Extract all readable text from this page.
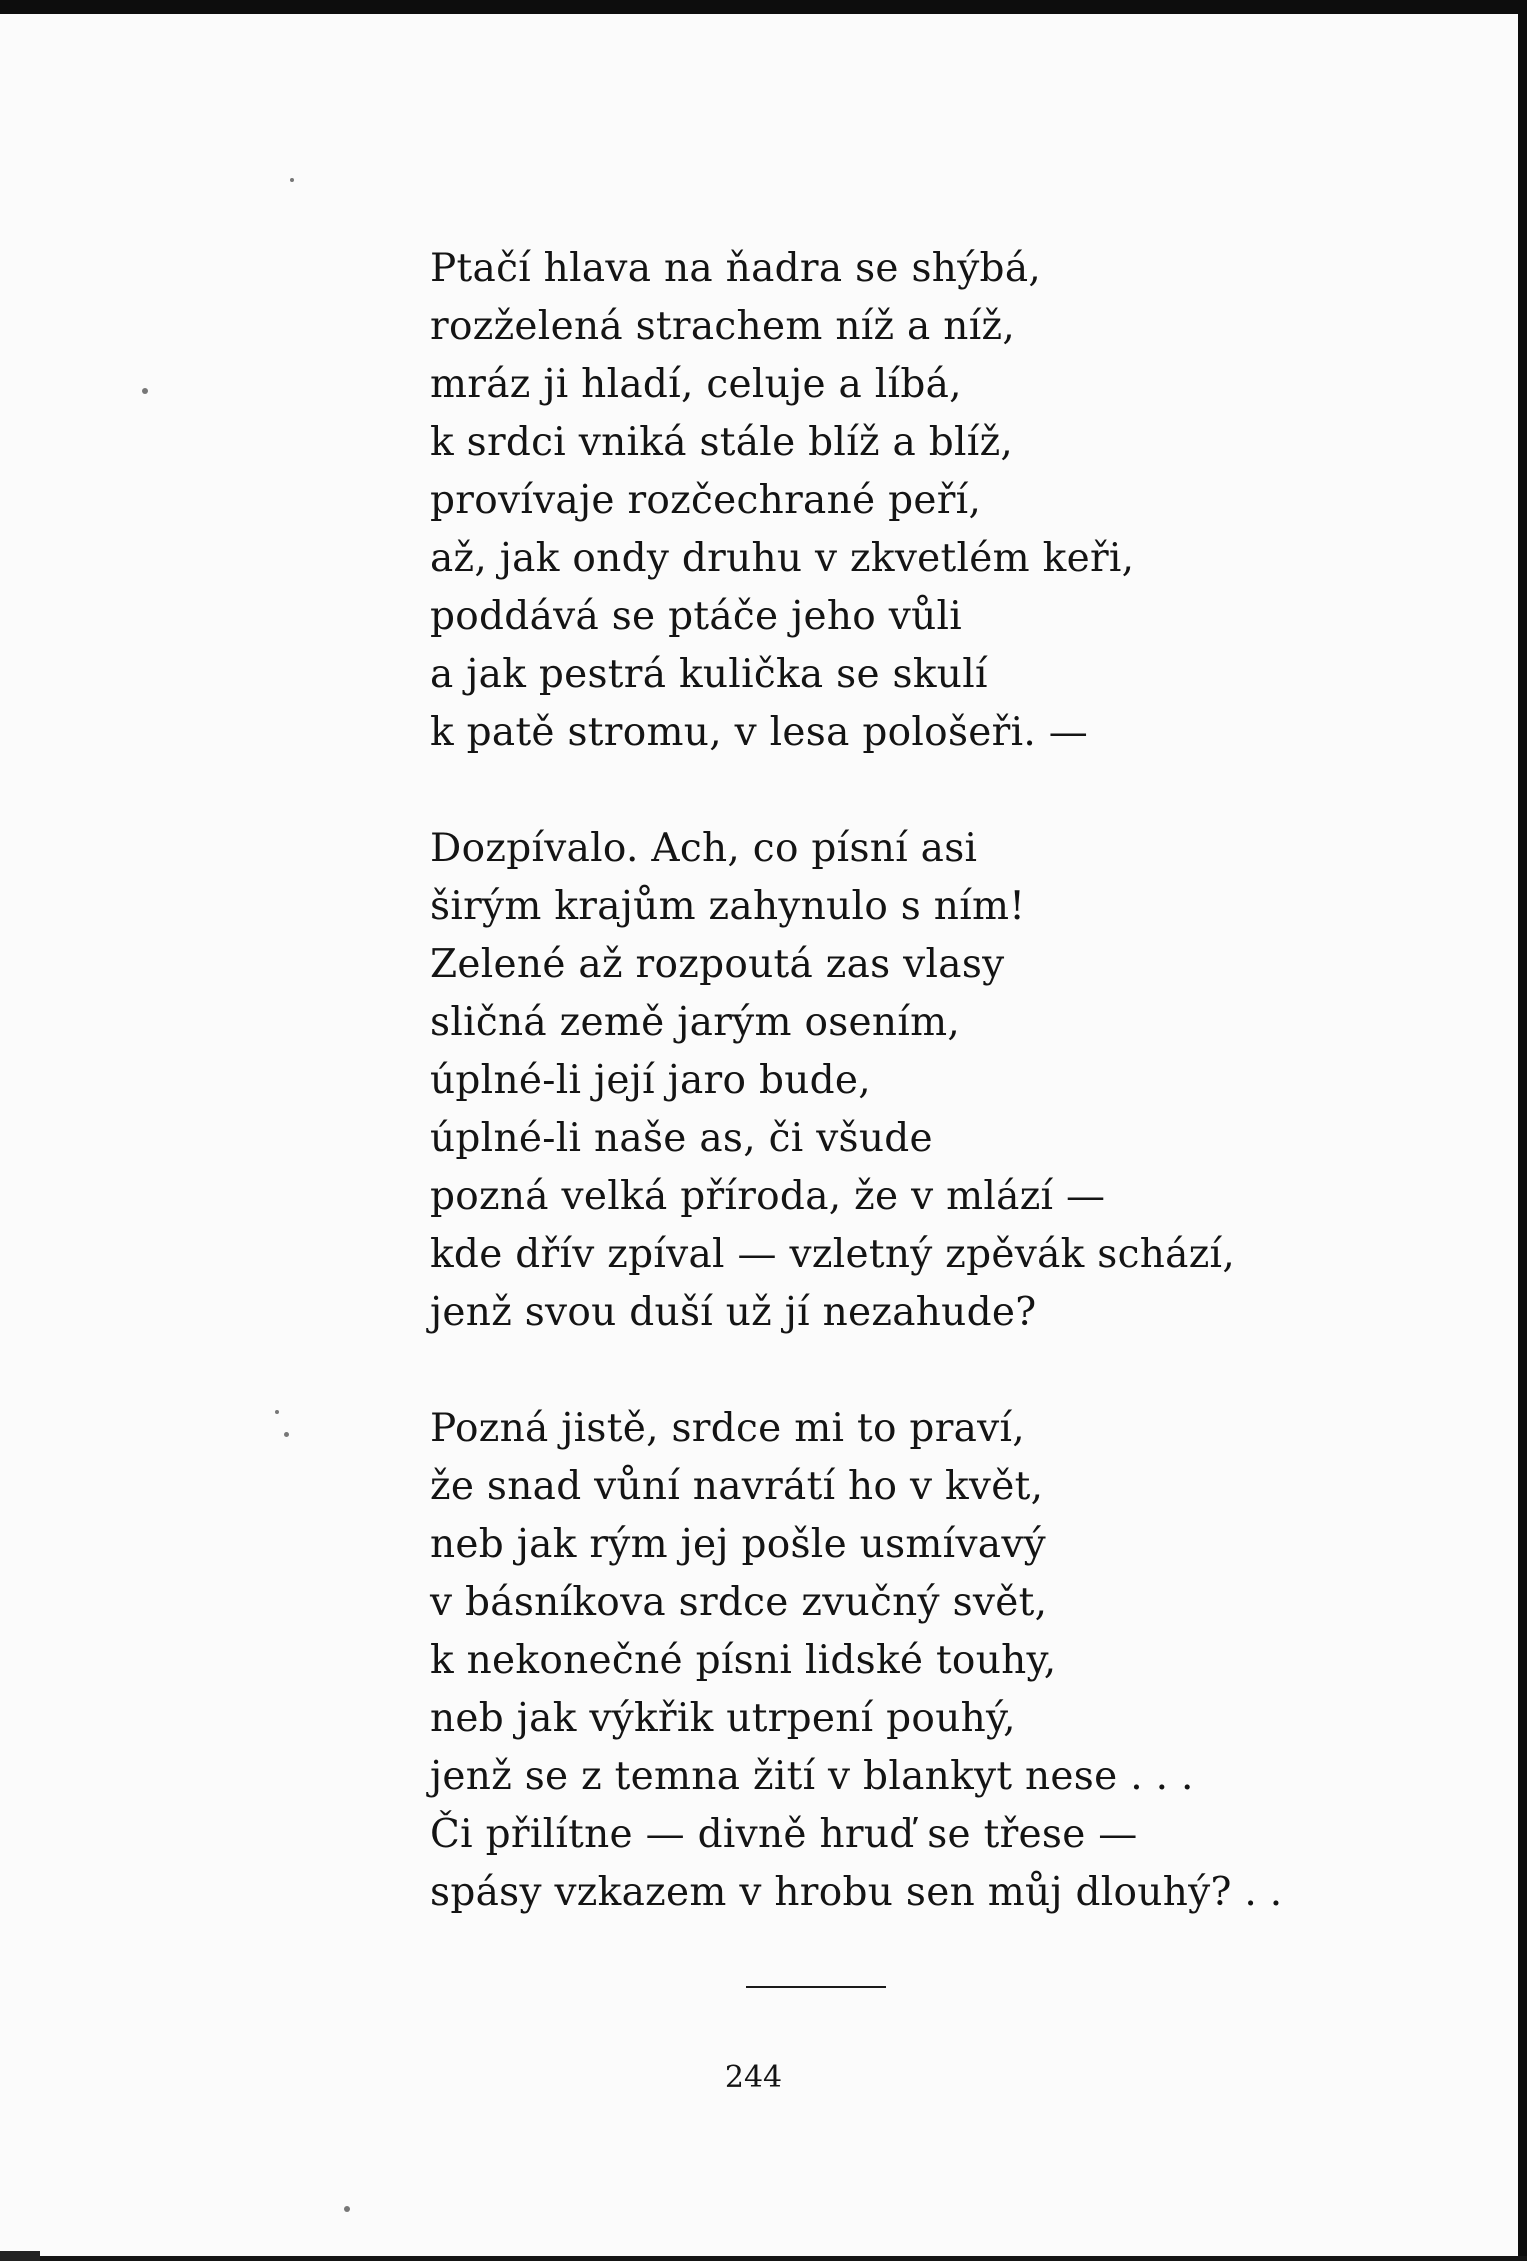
Ptačí hlava na ňadra se shýbá,
rozželená strachem níž a níž,
mráz ji hladí, celuje a líbá,
k srdci vniká stále blíž a blíž,
provívaje rozčechrané peří,
až, jak ondy druhu v zkvetlém keři,
poddává se ptáče jeho vůli
a jak pestrá kulička se skulí
k patě stromu, v lesa pološeři. —
Dozpívalo. Ach, co písní asi
širým krajům zahynulo s ním!
Zelené až rozpoutá zas vlasy
sličná země jarým osením,
úplné-li její jaro bude,
úplné-li naše as, či všude
pozná velká příroda, že v mlází —
kde dřív zpíval — vzletný zpěvák schází,
jenž svou duší už jí nezahude?
Pozná jistě, srdce mi to praví,
že snad vůní navrátí ho v květ,
neb jak rým jej pošle usmívavý
v básníkova srdce zvučný svět,
k nekonečné písni lidské touhy,
neb jak výkřik utrpení pouhý,
jenž se z temna žití v blankyt nese . . .
Či přilítne — divně hruď se třese —
spásy vzkazem v hrobu sen můj dlouhý? . .
244
